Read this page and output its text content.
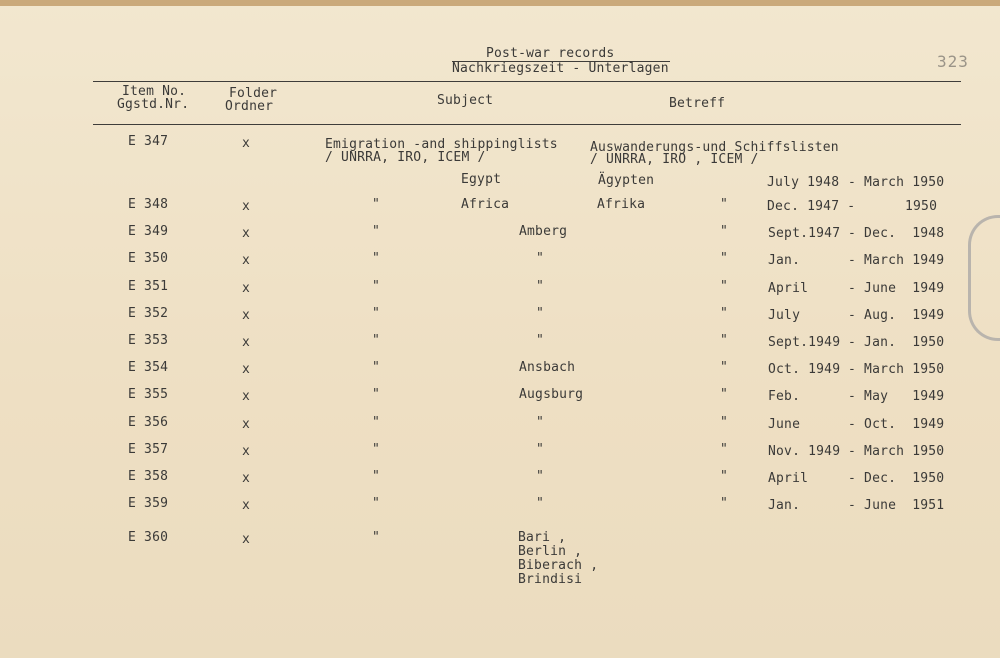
Post-war records
Nachkriegszeit - Unterlagen	323
Item No.
Ggstd.Nr.
Folder
Ordner	Subject	Betreff
E 347	x	Emigration -and shippinglists
/ UNRRA, IRO, ICEM /
Auswanderungs-und Schiffslisten
/ UNRRA, IRO , ICEM /
Egypt	Ägypten	July 1948 - March 1950
E 348	x	"	Africa	Afrika	"	Dec. 1947 -	1950
E 349	x	"	Amberg	"	Sept.1947 - Dec.  1948
E 350	x	"	"	"	Jan.	- March 1949
E 351	x	"	"	"	April	- June  1949
E 352	x	"	"	"	July	- Aug.  1949
E 353	x	"	"	"	Sept.1949 - Jan.  1950
E 354	x	"	Ansbach	"	Oct. 1949 - March 1950
E 355	x	"	Augsburg	"	Feb.	- May   1949
E 356	x	"	"	"	June	- Oct.  1949
E 357	x	"	"	"	Nov. 1949 - March 1950
E 358	x	"	"	"	April	- Dec.  1950
E 359	x	"	"	"	Jan.	- June  1951
E 360	x	"	Bari ,
Berlin ,
Biberach ,
Brindisi
